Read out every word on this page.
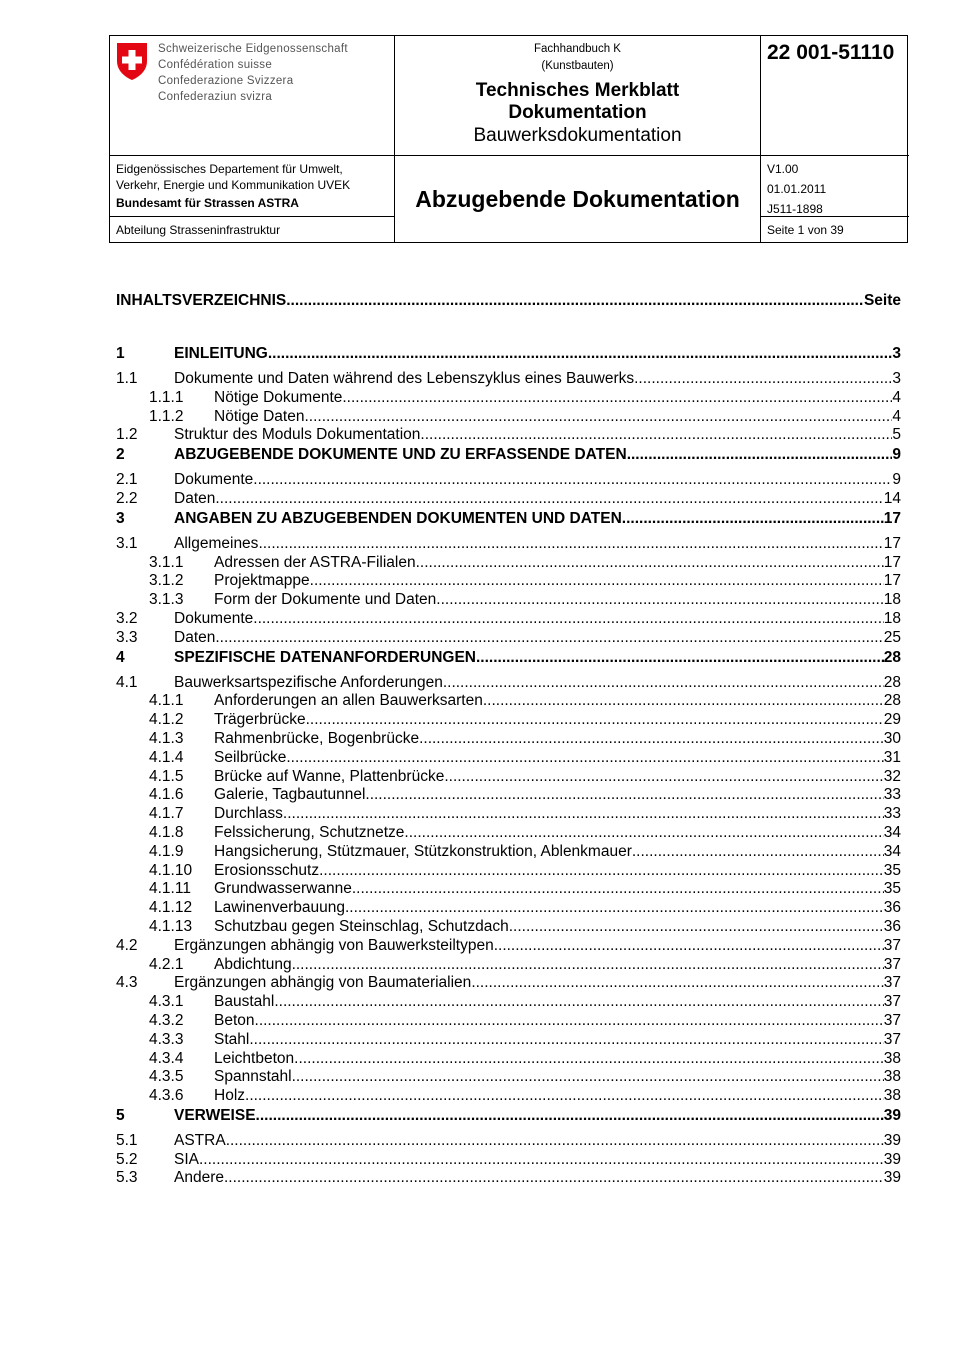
Schweizerische Eidgenossenschaft
Confédération suisse
Confederazione Svizzera
Confederaziun svizra
Fachhandbuch K
(Kunstbauten)
Technisches Merkblatt
Dokumentation
Bauwerksdokumentation
22 001-51110
Eidgenössisches Departement für Umwelt,
Verkehr, Energie und Kommunikation UVEK
Bundesamt für Strassen ASTRA
Abteilung Strasseninfrastruktur
Abzugebende Dokumentation
V1.00
01.01.2011
J511-1898
Seite 1 von 39
INHALTSVERZEICHNIS .....	Seite
1	EINLEITUNG .....	3
1.1	Dokumente und Daten während des Lebenszyklus eines Bauwerks .....	3
1.1.1	Nötige Dokumente .....	4
1.1.2	Nötige Daten .....	4
1.2	Struktur des Moduls Dokumentation .....	5
2	ABZUGEBENDE DOKUMENTE UND ZU ERFASSENDE DATEN .....	9
2.1	Dokumente .....	9
2.2	Daten .....	14
3	ANGABEN ZU ABZUGEBENDEN DOKUMENTEN UND DATEN .....	17
3.1	Allgemeines .....	17
3.1.1	Adressen der ASTRA-Filialen .....	17
3.1.2	Projektmappe .....	17
3.1.3	Form der Dokumente und Daten .....	18
3.2	Dokumente .....	18
3.3	Daten .....	25
4	SPEZIFISCHE DATENANFORDERUNGEN .....	28
4.1	Bauwerksartspezifische Anforderungen .....	28
4.1.1	Anforderungen an allen Bauwerksarten .....	28
4.1.2	Trägerbrücke .....	29
4.1.3	Rahmenbrücke, Bogenbrücke .....	30
4.1.4	Seilbrücke .....	31
4.1.5	Brücke auf Wanne, Plattenbrücke .....	32
4.1.6	Galerie, Tagbautunnel .....	33
4.1.7	Durchlass .....	33
4.1.8	Felssicherung, Schutznetze .....	34
4.1.9	Hangsicherung, Stützmauer, Stützkonstruktion, Ablenkmauer .....	34
4.1.10	Erosionsschutz .....	35
4.1.11	Grundwasserwanne .....	35
4.1.12	Lawinenverbauung .....	36
4.1.13	Schutzbau gegen Steinschlag, Schutzdach .....	36
4.2	Ergänzungen abhängig von Bauwerksteiltypen .....	37
4.2.1	Abdichtung .....	37
4.3	Ergänzungen abhängig von Baumaterialien .....	37
4.3.1	Baustahl .....	37
4.3.2	Beton .....	37
4.3.3	Stahl .....	37
4.3.4	Leichtbeton .....	38
4.3.5	Spannstahl .....	38
4.3.6	Holz .....	38
5	VERWEISE .....	39
5.1	ASTRA .....	39
5.2	SIA .....	39
5.3	Andere .....	39
